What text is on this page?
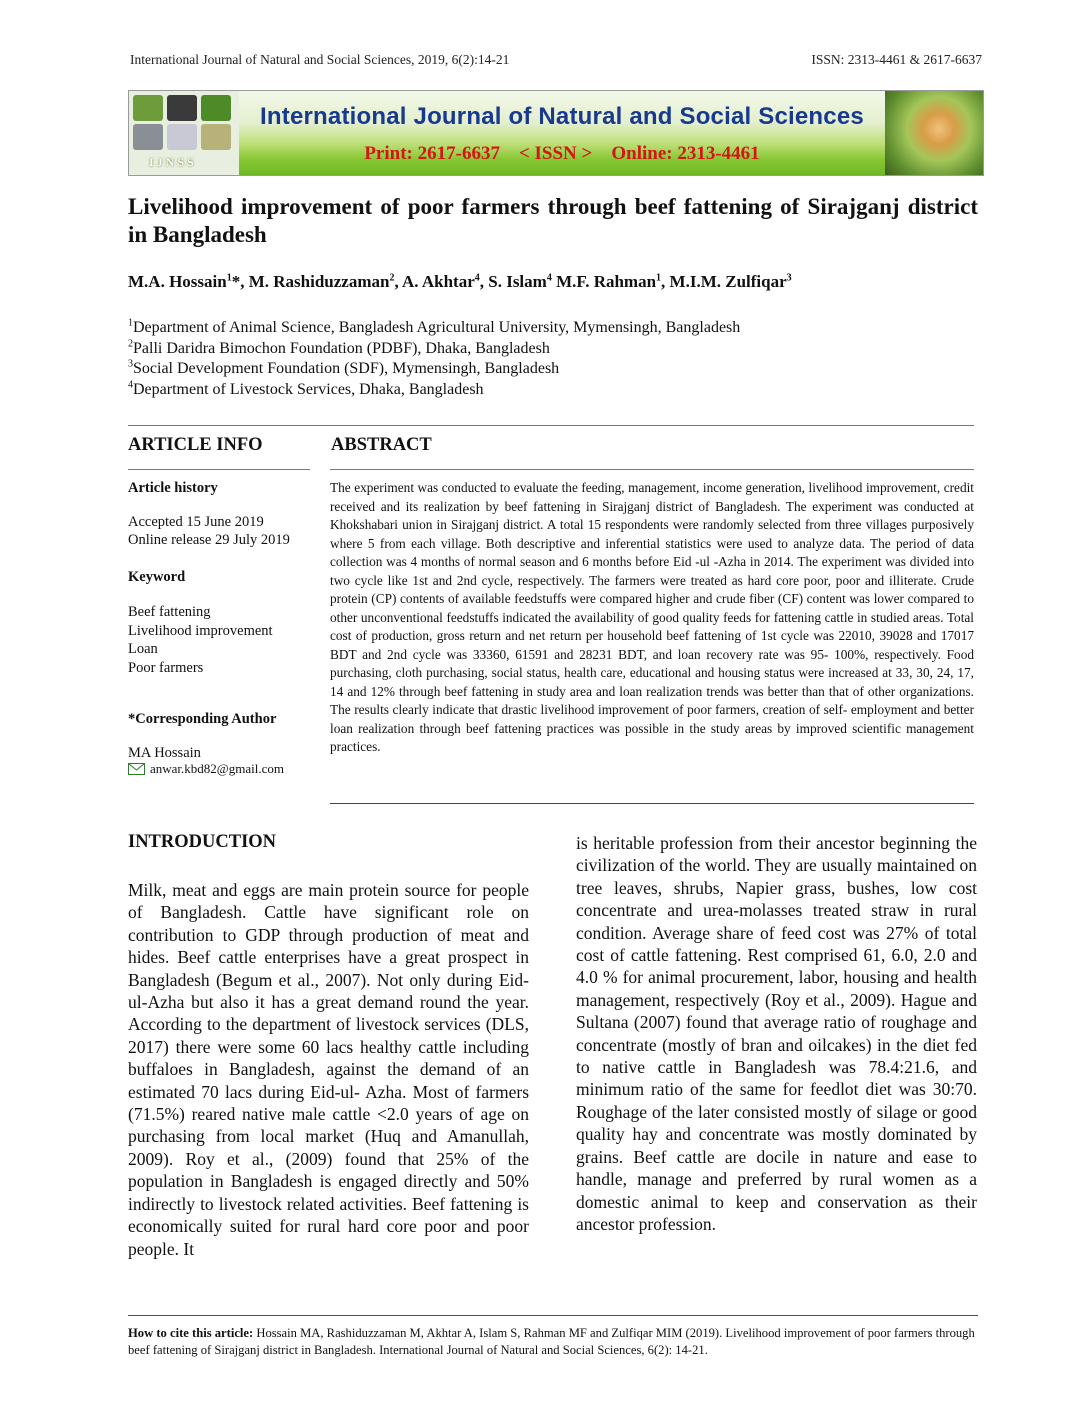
International Journal of Natural and Social Sciences, 2019, 6(2):14-21	ISSN: 2313-4461 & 2617-6637
IJNSS
International Journal of Natural and Social Sciences
Print: 2617-6637    < ISSN >    Online: 2313-4461
Livelihood improvement of poor farmers through beef fattening of Sirajganj district in Bangladesh
M.A. Hossain$^1$*, M. Rashiduzzaman$^2$, A. Akhtar$^4$, S. Islam$^4$ M.F. Rahman$^1$, M.I.M. Zulfiqar$^3$
$^1$Department of Animal Science, Bangladesh Agricultural University, Mymensingh, Bangladesh
$^2$Palli Daridra Bimochon Foundation (PDBF), Dhaka, Bangladesh
$^3$Social Development Foundation (SDF), Mymensingh, Bangladesh
$^4$Department of Livestock Services, Dhaka, Bangladesh
ARTICLE INFO
Article history
Accepted 15 June 2019
Online release 29 July 2019
Keyword
Beef fattening
Livelihood improvement
Loan
Poor farmers
*Corresponding Author
MA Hossain
anwar.kbd82@gmail.com
ABSTRACT
The experiment was conducted to evaluate the feeding, management, income generation, livelihood improvement, credit received and its realization by beef fattening in Sirajganj district of Bangladesh. The experiment was conducted at Khokshabari union in Sirajganj district. A total 15 respondents were randomly selected from three villages purposively where 5 from each village. Both descriptive and inferential statistics were used to analyze data. The period of data collection was 4 months of normal season and 6 months before Eid -ul -Azha in 2014. The experiment was divided into two cycle like 1st and 2nd cycle, respectively. The farmers were treated as hard core poor, poor and illiterate. Crude protein (CP) contents of available feedstuffs were compared higher and crude fiber (CF) content was lower compared to other unconventional feedstuffs indicated the availability of good quality feeds for fattening cattle in studied areas. Total cost of production, gross return and net return per household beef fattening of 1st cycle was 22010, 39028 and 17017 BDT and 2nd cycle was 33360, 61591 and 28231 BDT, and loan recovery rate was 95- 100%, respectively. Food purchasing, cloth purchasing, social status, health care, educational and housing status were increased at 33, 30, 24, 17, 14 and 12% through beef fattening in study area and loan realization trends was better than that of other organizations. The results clearly indicate that drastic livelihood improvement of poor farmers, creation of self- employment and better loan realization through beef fattening practices was possible in the study areas by improved scientific management practices.
INTRODUCTION
Milk, meat and eggs are main protein source for people of Bangladesh. Cattle have significant role on contribution to GDP through production of meat and hides. Beef cattle enterprises have a great prospect in Bangladesh (Begum et al., 2007). Not only during Eid-ul-Azha but also it has a great demand round the year. According to the department of livestock services (DLS, 2017) there were some 60 lacs healthy cattle including buffaloes in Bangladesh, against the demand of an estimated 70 lacs during Eid-ul- Azha. Most of farmers (71.5%) reared native male cattle <2.0 years of age on purchasing from local market (Huq and Amanullah, 2009). Roy et al., (2009) found that 25% of the population in Bangladesh is engaged directly and 50% indirectly to livestock related activities. Beef fattening is economically suited for rural hard core poor and poor people. It
is heritable profession from their ancestor beginning the civilization of the world. They are usually maintained on tree leaves, shrubs, Napier grass, bushes, low cost concentrate and urea-molasses treated straw in rural condition. Average share of feed cost was 27% of total cost of cattle fattening. Rest comprised 61, 6.0, 2.0 and 4.0 % for animal procurement, labor, housing and health management, respectively (Roy et al., 2009). Hague and Sultana (2007) found that average ratio of roughage and concentrate (mostly of bran and oilcakes) in the diet fed to native cattle in Bangladesh was 78.4:21.6, and minimum ratio of the same for feedlot diet was 30:70. Roughage of the later consisted mostly of silage or good quality hay and concentrate was mostly dominated by grains. Beef cattle are docile in nature and ease to handle, manage and preferred by rural women as a domestic animal to keep and conservation as their ancestor profession.
How to cite this article: Hossain MA, Rashiduzzaman M, Akhtar A, Islam S, Rahman MF and Zulfiqar MIM (2019). Livelihood improvement of poor farmers through beef fattening of Sirajganj district in Bangladesh. International Journal of Natural and Social Sciences, 6(2): 14-21.
